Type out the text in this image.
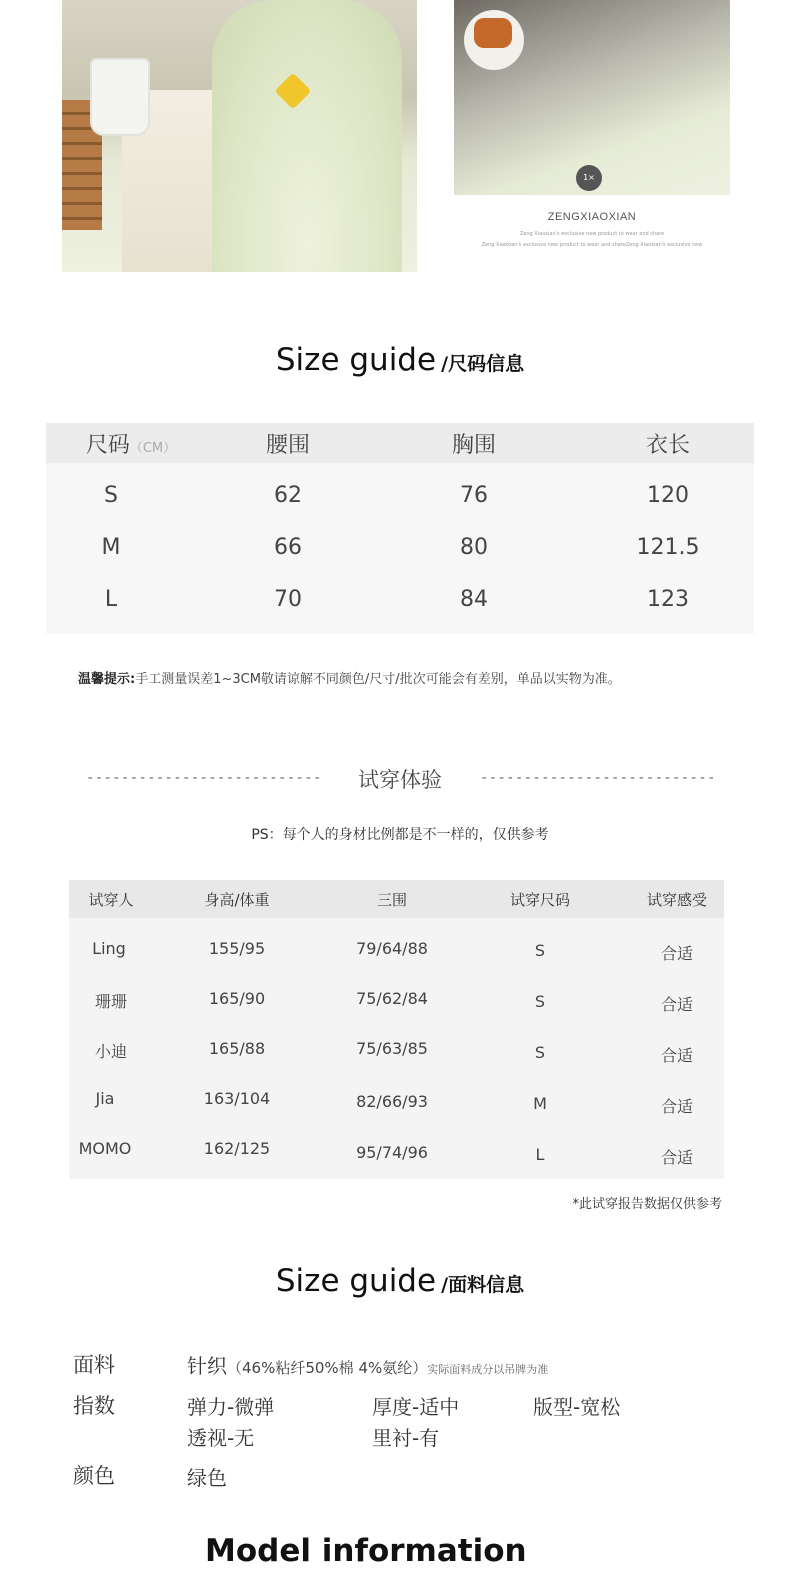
1×
ZENGXIAOXIAN
Zeng Xiaoxian's exclusive new product to wear and share
Zeng Xiaoxian's exclusive new product to wear and shareZeng Xiaoxian's exclusive new
Size guide /尺码信息
尺码（CM）	腰围	胸围	衣长
S	62	76	120
M	66	80	121.5
L	70	84	123
温馨提示:手工测量误差1~3CM敬请谅解不同颜色/尺寸/批次可能会有差别，单品以实物为准。
---------------------------	试穿体验	---------------------------
PS：每个人的身材比例都是不一样的，仅供参考
试穿人	身高/体重	三围	试穿尺码	试穿感受
Ling	155/95	79/64/88	S	合适
珊珊	165/90	75/62/84	S	合适
小迪	165/88	75/63/85	S	合适
Jia	163/104	82/66/93	M	合适
MOMO	162/125	95/74/96	L	合适
*此试穿报告数据仅供参考
Size guide /面料信息
面料	针织（46%粘纤50%棉 4%氨纶）实际面料成分以吊牌为准
指数	弹力-微弹	厚度-适中	版型-宽松
透视-无	里衬-有
颜色	绿色
Model information
